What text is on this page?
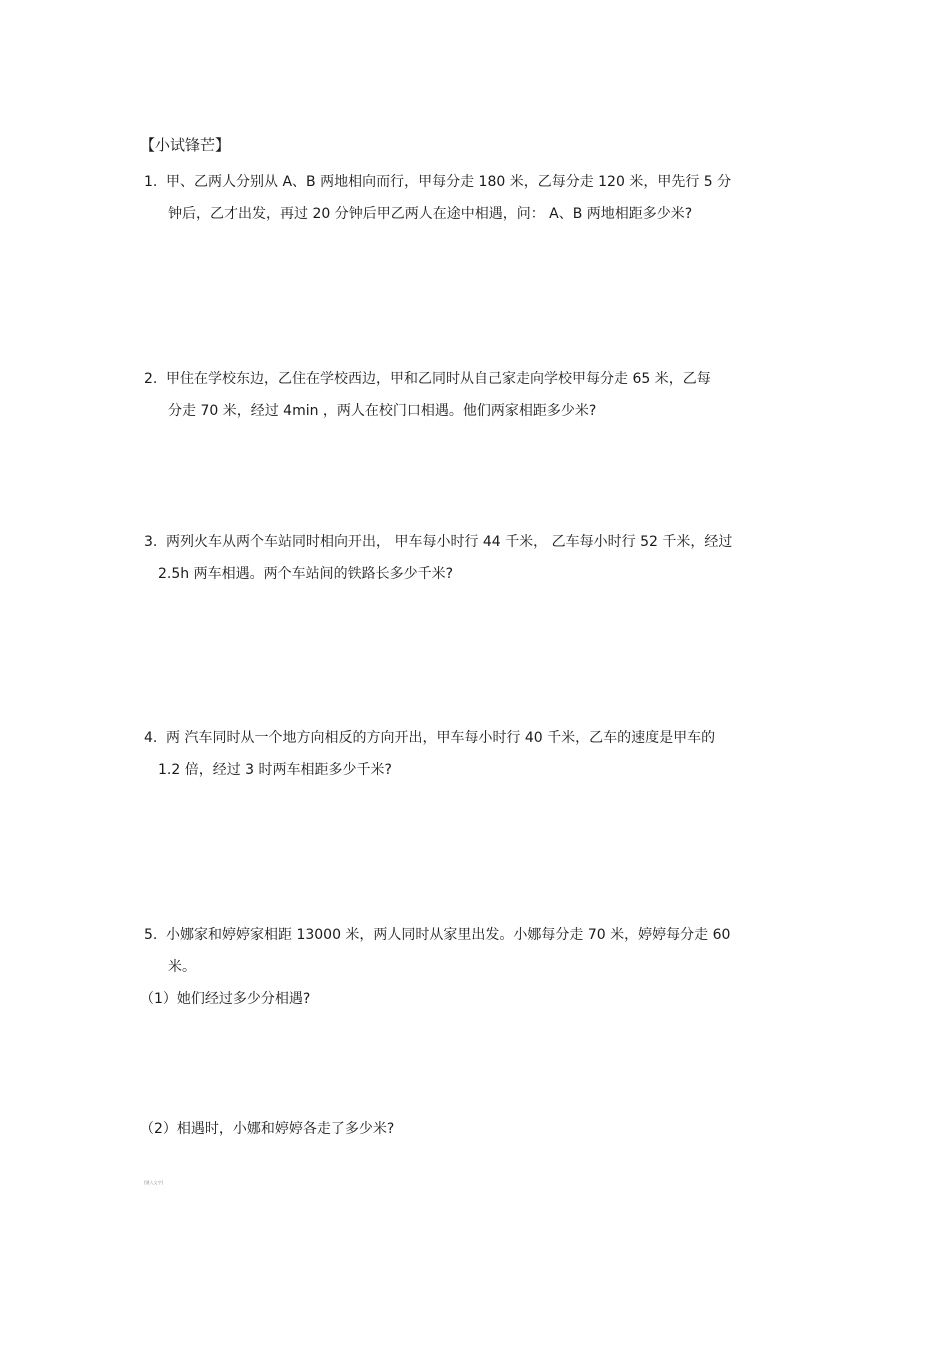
【小试锋芒】
1. 甲、乙两人分别从 A、B 两地相向而行，甲每分走 180 米，乙每分走 120 米，甲先行 5 分
钟后，乙才出发，再过 20 分钟后甲乙两人在途中相遇，问： A、B 两地相距多少米?
2. 甲住在学校东边，乙住在学校西边，甲和乙同时从自己家走向学校甲每分走 65 米，乙每
分走 70 米，经过 4min ，两人在校门口相遇。他们两家相距多少米?
3. 两列火车从两个车站同时相向开出， 甲车每小时行 44 千米， 乙车每小时行 52 千米，经过
2.5h 两车相遇。两个车站间的铁路长多少千米?
4. 两 汽车同时从一个地方向相反的方向开出，甲车每小时行 40 千米，乙车的速度是甲车的
1.2 倍，经过 3 时两车相距多少千米?
5. 小娜家和婷婷家相距 13000 米，两人同时从家里出发。小娜每分走 70 米，婷婷每分走 60
米。
（1）她们经过多少分相遇?
（2）相遇时，小娜和婷婷各走了多少米?
[键入文字]
